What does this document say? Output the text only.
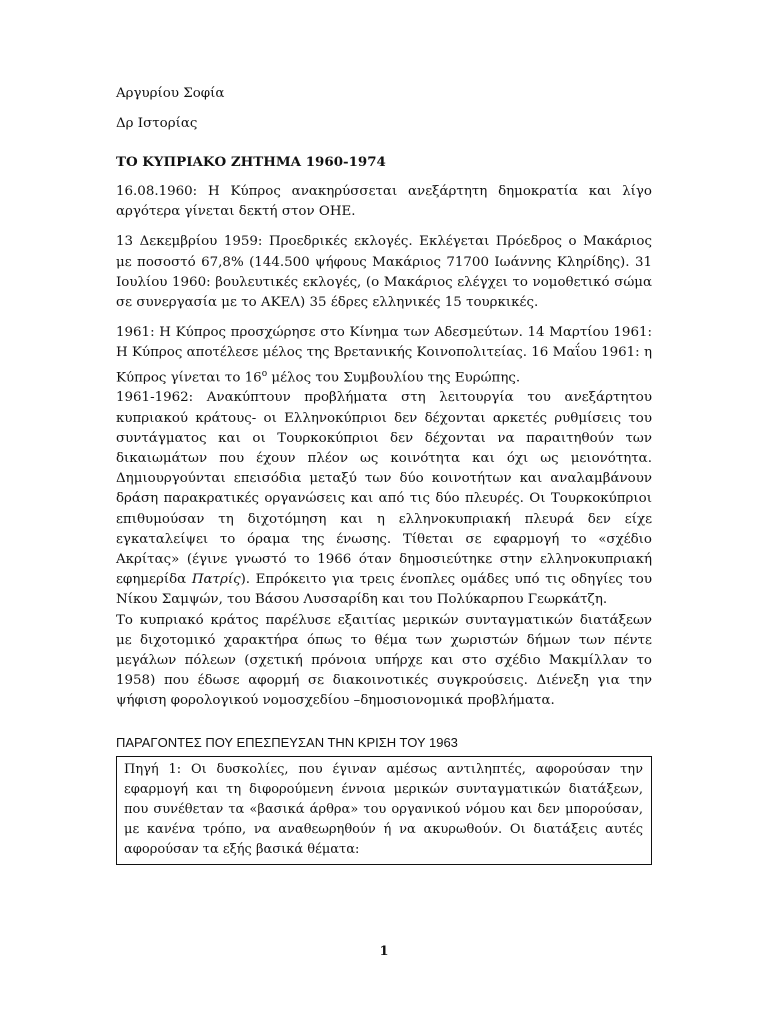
Αργυρίου Σοφία
Δρ Ιστορίας
ΤΟ ΚΥΠΡΙΑΚΟ ΖΗΤΗΜΑ 1960-1974

16.08.1960: Η Κύπρος ανακηρύσσεται ανεξάρτητη δημοκρατία και λίγο αργότερα γίνεται δεκτή στον ΟΗΕ.

13 Δεκεμβρίου 1959: Προεδρικές εκλογές. Εκλέγεται Πρόεδρος ο Μακάριος με ποσοστό 67,8% (144.500 ψήφους Μακάριος 71700 Ιωάννης Κληρίδης). 31 Ιουλίου 1960: βουλευτικές εκλογές, (ο Μακάριος ελέγχει το νομοθετικό σώμα σε συνεργασία με το ΑΚΕΛ) 35 έδρες ελληνικές 15 τουρκικές.

1961: Η Κύπρος προσχώρησε στο Κίνημα των Αδεσμεύτων. 14 Μαρτίου 1961: Η Κύπρος αποτέλεσε μέλος της Βρετανικής Κοινοπολιτείας. 16 Μαΐου 1961: η Κύπρος γίνεται το $16^o$ μέλος του Συμβουλίου της Ευρώπης.

1961-1962: Ανακύπτουν προβλήματα στη λειτουργία του ανεξάρτητου κυπριακού κράτους- οι Ελληνοκύπριοι δεν δέχονται αρκετές ρυθμίσεις του συντάγματος και οι Τουρκοκύπριοι δεν δέχονται να παραιτηθούν των δικαιωμάτων που έχουν πλέον ως κοινότητα και όχι ως μειονότητα. Δημιουργούνται επεισόδια μεταξύ των δύο κοινοτήτων και αναλαμβάνουν δράση παρακρατικές οργανώσεις και από τις δύο πλευρές. Οι Τουρκοκύπριοι επιθυμούσαν τη διχοτόμηση και η ελληνοκυπριακή πλευρά δεν είχε εγκαταλείψει το όραμα της ένωσης. Τίθεται σε εφαρμογή το «σχέδιο Ακρίτας» (έγινε γνωστό το 1966 όταν δημοσιεύτηκε στην ελληνοκυπριακή εφημερίδα Πατρίς). Επρόκειτο για τρεις ένοπλες ομάδες υπό τις οδηγίες του Νίκου Σαμψών, του Βάσου Λυσσαρίδη και του Πολύκαρπου Γεωρκάτζη.

Το κυπριακό κράτος παρέλυσε εξαιτίας μερικών συνταγματικών διατάξεων με διχοτομικό χαρακτήρα όπως το θέμα των χωριστών δήμων των πέντε μεγάλων πόλεων (σχετική πρόνοια υπήρχε και στο σχέδιο Μακμίλλαν το 1958) που έδωσε αφορμή σε διακοινοτικές συγκρούσεις. Διένεξη για την ψήφιση φορολογικού νομοσχεδίου –δημοσιονομικά προβλήματα.

ΠΑΡΑΓΟΝΤΕΣ ΠΟΥ ΕΠΕΣΠΕΥΣΑΝ ΤΗΝ ΚΡΙΣΗ ΤΟΥ 1963
Πηγή 1: Οι δυσκολίες, που έγιναν αμέσως αντιληπτές, αφορούσαν την εφαρμογή και τη διφορούμενη έννοια μερικών συνταγματικών διατάξεων, που συνέθεταν τα «βασικά άρθρα» του οργανικού νόμου και δεν μπορούσαν, με κανένα τρόπο, να αναθεωρηθούν ή να ακυρωθούν. Οι διατάξεις αυτές αφορούσαν τα εξής βασικά θέματα:
1
